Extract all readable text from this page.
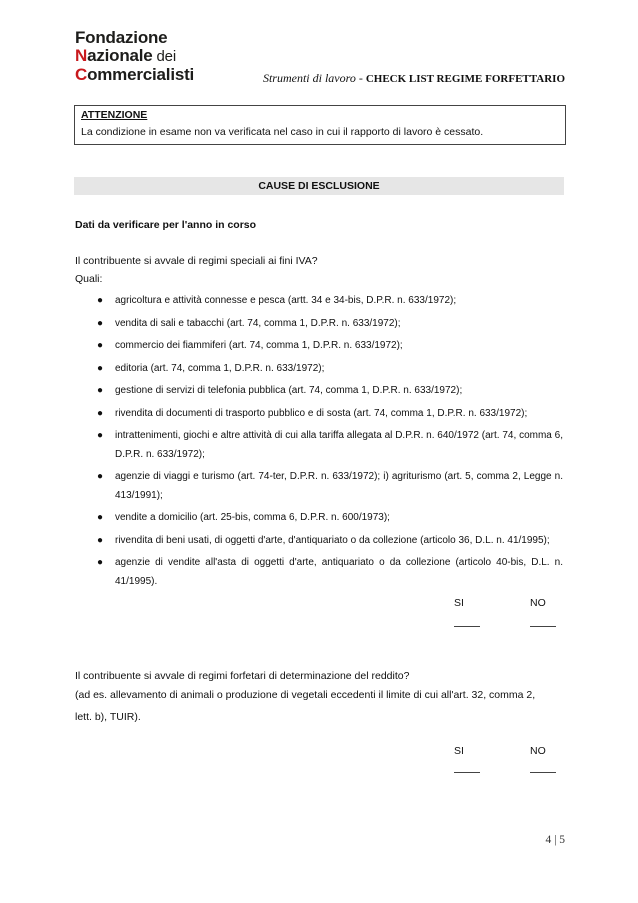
Fondazione
Nazionale dei
Commercialisti	Strumenti di lavoro - CHECK LIST REGIME FORFETTARIO
ATTENZIONE
La condizione in esame non va verificata nel caso in cui il rapporto di lavoro è cessato.
CAUSE DI ESCLUSIONE
Dati da verificare per l'anno in corso
Il contribuente si avvale di regimi speciali ai fini IVA?
Quali:
● agricoltura e attività connesse e pesca (artt. 34 e 34-bis, D.P.R. n. 633/1972);
● vendita di sali e tabacchi (art. 74, comma 1, D.P.R. n. 633/1972);
● commercio dei fiammiferi (art. 74, comma 1, D.P.R. n. 633/1972);
● editoria (art. 74, comma 1, D.P.R. n. 633/1972);
● gestione di servizi di telefonia pubblica (art. 74, comma 1, D.P.R. n. 633/1972);
● rivendita di documenti di trasporto pubblico e di sosta (art. 74, comma 1, D.P.R. n. 633/1972);
● intrattenimenti, giochi e altre attività di cui alla tariffa allegata al D.P.R. n. 640/1972 (art. 74, comma 6, D.P.R. n. 633/1972);
● agenzie di viaggi e turismo (art. 74-ter, D.P.R. n. 633/1972); i) agriturismo (art. 5, comma 2, Legge n. 413/1991);
● vendite a domicilio (art. 25-bis, comma 6, D.P.R. n. 600/1973);
● rivendita di beni usati, di oggetti d'arte, d'antiquariato o da collezione (articolo 36, D.L. n. 41/1995);
● agenzie di vendite all'asta di oggetti d'arte, antiquariato o da collezione (articolo 40-bis, D.L. n. 41/1995).
SI	NO
Il contribuente si avvale di regimi forfetari di determinazione del reddito?
(ad es. allevamento di animali o produzione di vegetali eccedenti il limite di cui all'art. 32, comma 2,
lett. b), TUIR).
SI	NO
4 | 5
